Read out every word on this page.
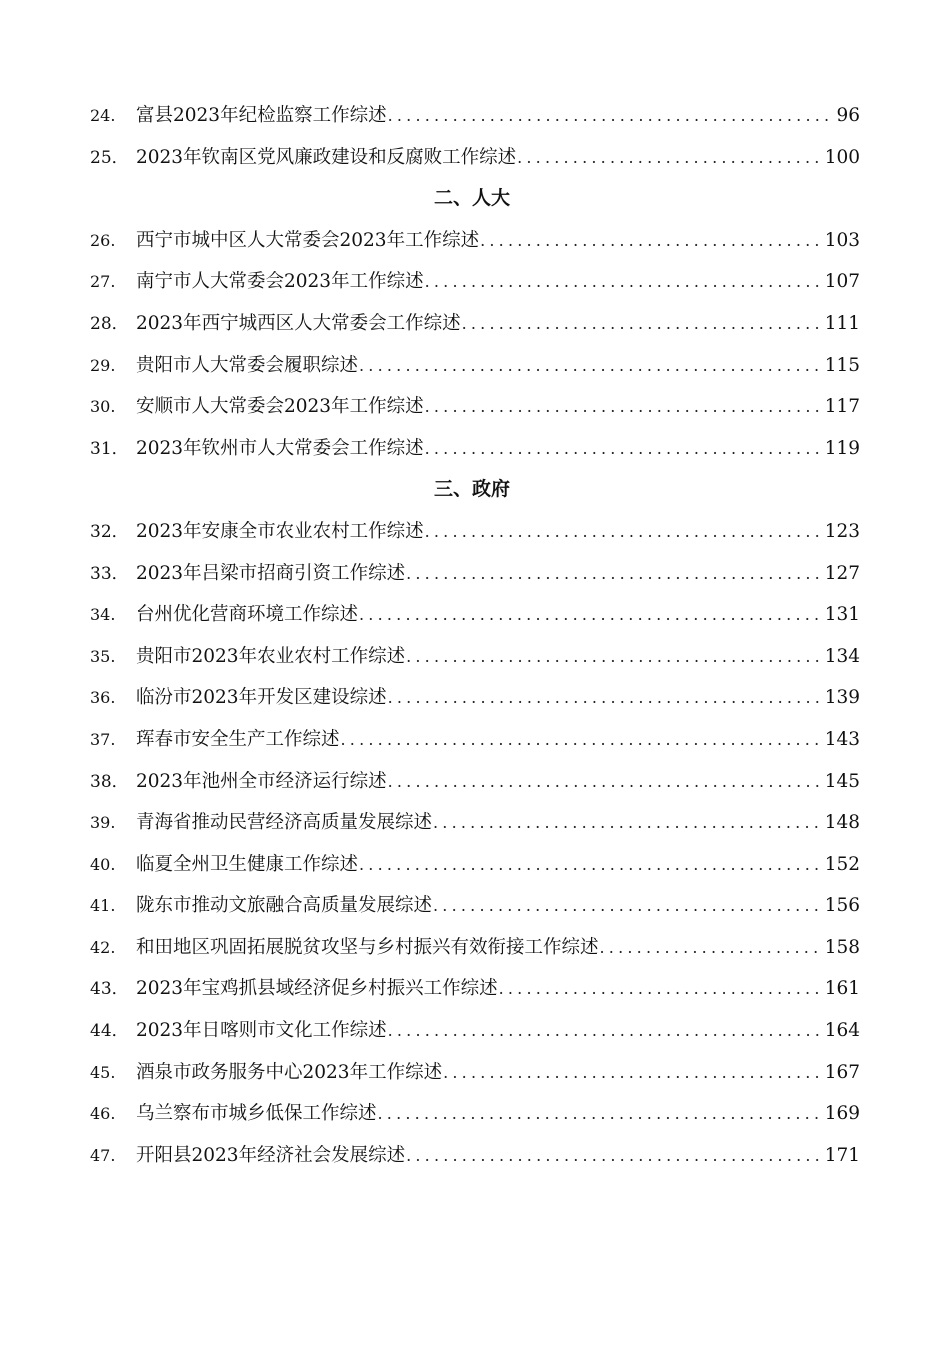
24.	富县2023年纪检监察工作综述 .....	96
25． 2023年钦南区党风廉政建设和反腐败工作综述 .....	100
二、人大
26.	西宁市城中区人大常委会2023年工作综述 .....	103
27.	南宁市人大常委会2023年工作综述 .....	107
28． 2023年西宁城西区人大常委会工作综述 .....	111
29.	贵阳市人大常委会履职综述 .....	115
30.	安顺市人大常委会2023年工作综述 .....	117
31． 2023年钦州市人大常委会工作综述 .....	119
三、政府
32． 2023年安康全市农业农村工作综述 .....	123
33． 2023年吕梁市招商引资工作综述 .....	127
34.	台州优化营商环境工作综述 .....	131
35.	贵阳市2023年农业农村工作综述 .....	134
36.	临汾市2023年开发区建设综述 .....	139
37.	珲春市安全生产工作综述 .....	143
38． 2023年池州全市经济运行综述 .....	145
39.	青海省推动民营经济高质量发展综述 .....	148
40.	临夏全州卫生健康工作综述 .....	152
41.	陇东市推动文旅融合高质量发展综述 .....	156
42.	和田地区巩固拓展脱贫攻坚与乡村振兴有效衔接工作综述 .....	158
43． 2023年宝鸡抓县域经济促乡村振兴工作综述 .....	161
44． 2023年日喀则市文化工作综述 .....	164
45.	酒泉市政务服务中心2023年工作综述 .....	167
46.	乌兰察布市城乡低保工作综述 .....	169
47.	开阳县2023年经济社会发展综述 .....	171
